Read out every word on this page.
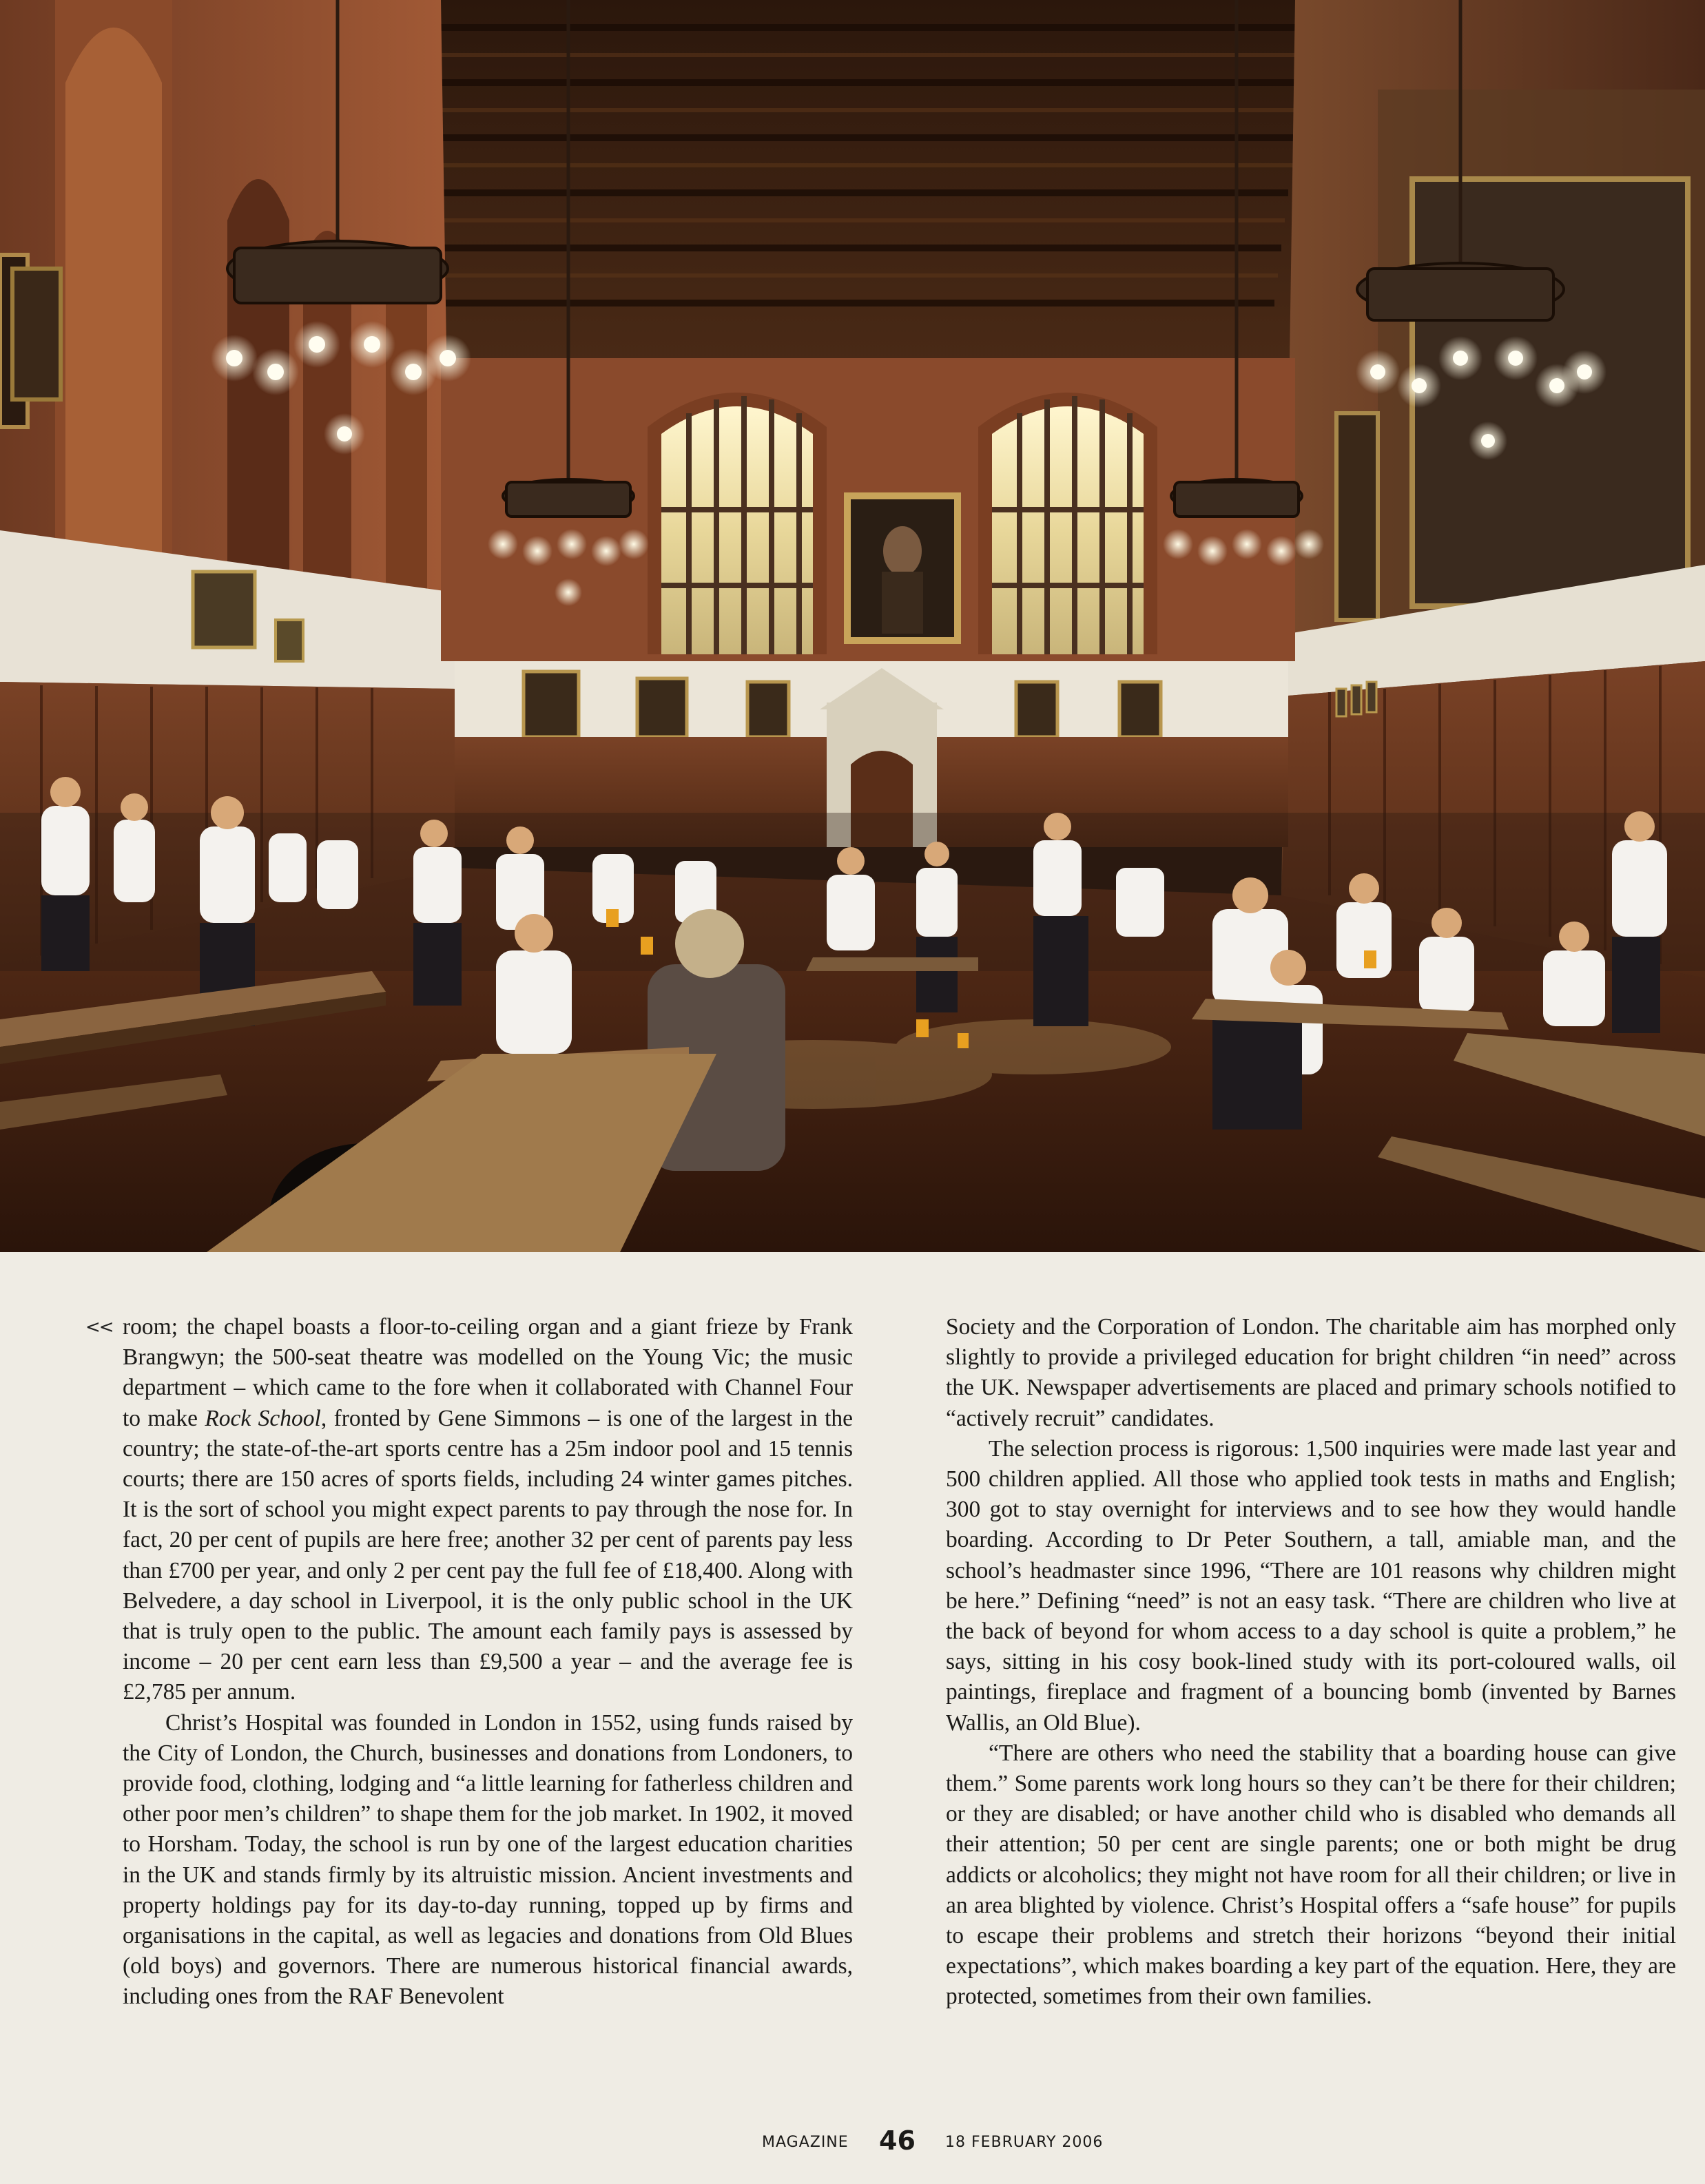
<< room; the chapel boasts a floor-to-ceiling organ and a giant frieze by Frank Brangwyn; the 500-seat theatre was modelled on the Young Vic; the music department – which came to the fore when it collaborated with Channel Four to make Rock School, fronted by Gene Simmons – is one of the largest in the country; the state-of-the-art sports centre has a 25m indoor pool and 15 tennis courts; there are 150 acres of sports fields, including 24 winter games pitches. It is the sort of school you might expect parents to pay through the nose for. In fact, 20 per cent of pupils are here free; another 32 per cent of parents pay less than £700 per year, and only 2 per cent pay the full fee of £18,400. Along with Belvedere, a day school in Liverpool, it is the only public school in the UK that is truly open to the public. The amount each family pays is assessed by income – 20 per cent earn less than £9,500 a year – and the average fee is £2,785 per annum.

Christ’s Hospital was founded in London in 1552, using funds raised by the City of London, the Church, businesses and donations from Londoners, to provide food, clothing, lodging and “a little learning for fatherless children and other poor men’s children” to shape them for the job market. In 1902, it moved to Horsham. Today, the school is run by one of the largest education charities in the UK and stands firmly by its altruistic mission. Ancient investments and property holdings pay for its day-to-day running, topped up by firms and organisations in the capital, as well as legacies and donations from Old Blues (old boys) and governors. There are numerous historical financial awards, including ones from the RAF Benevolent

Society and the Corporation of London. The charitable aim has morphed only slightly to provide a privileged education for bright children “in need” across the UK. Newspaper advertisements are placed and primary schools notified to “actively recruit” candidates.

The selection process is rigorous: 1,500 inquiries were made last year and 500 children applied. All those who applied took tests in maths and English; 300 got to stay overnight for interviews and to see how they would handle boarding. According to Dr Peter Southern, a tall, amiable man, and the school’s headmaster since 1996, “There are 101 reasons why children might be here.” Defining “need” is not an easy task. “There are children who live at the back of beyond for whom access to a day school is quite a problem,” he says, sitting in his cosy book-lined study with its port-coloured walls, oil paintings, fireplace and fragment of a bouncing bomb (invented by Barnes Wallis, an Old Blue).

“There are others who need the stability that a boarding house can give them.” Some parents work long hours so they can’t be there for their children; or they are disabled; or have another child who is disabled who demands all their attention; 50 per cent are single parents; one or both might be drug addicts or alcoholics; they might not have room for all their children; or live in an area blighted by violence. Christ’s Hospital offers a “safe house” for pupils to escape their problems and stretch their horizons “beyond their initial expectations”, which makes boarding a key part of the equation. Here, they are protected, sometimes from their own families.

MAGAZINE 46 18 FEBRUARY 2006
